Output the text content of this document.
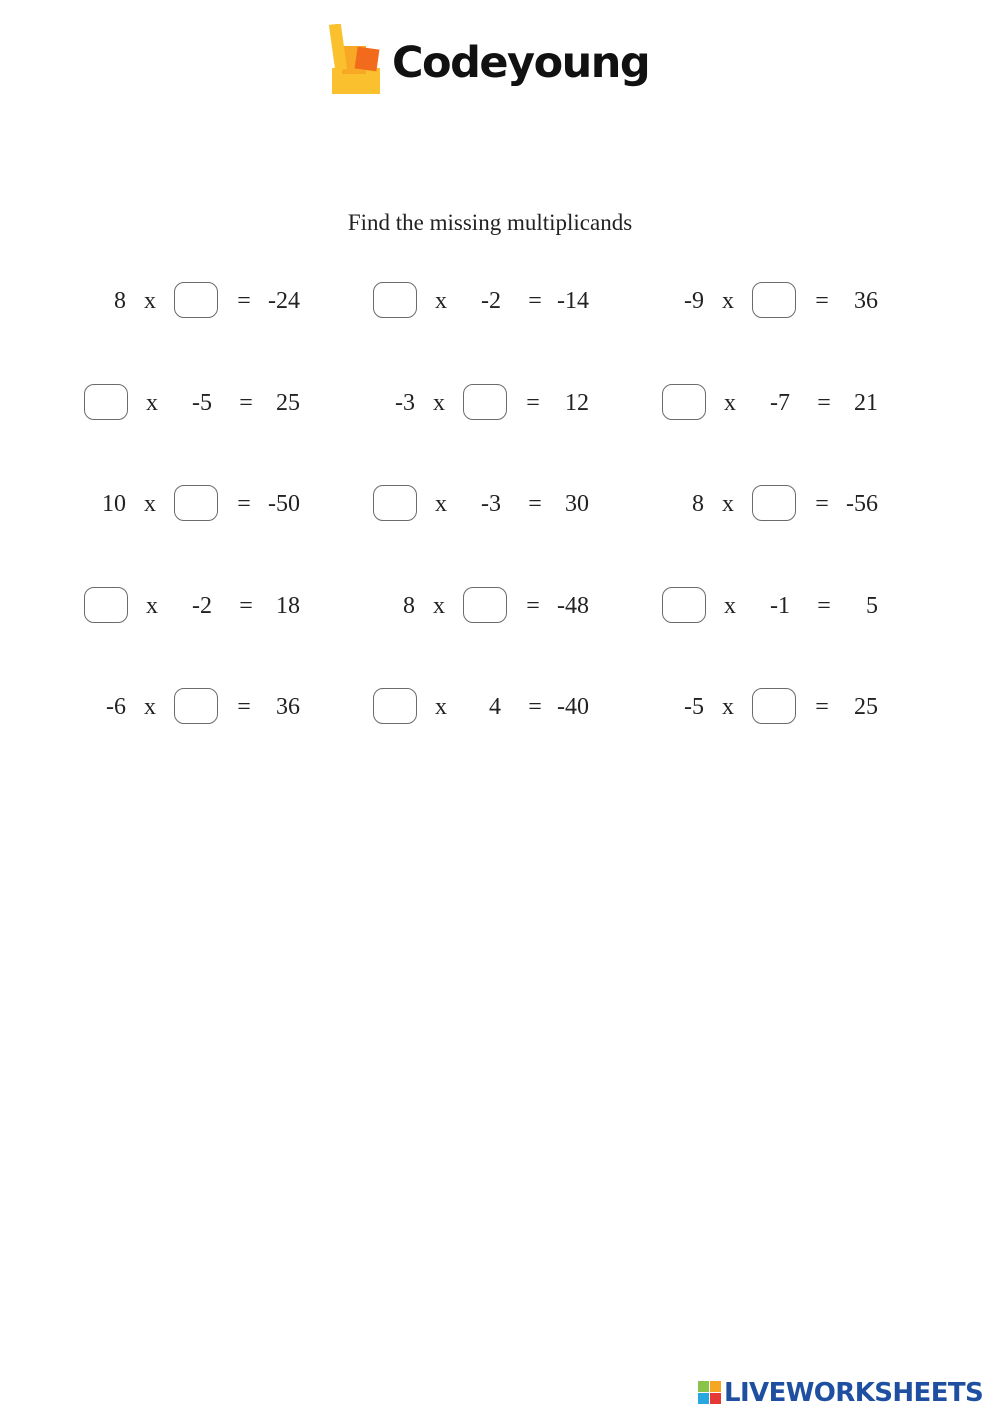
Codeyoung
Find the missing multiplicands
8 x	= -24	x	-2	= -14	-9 x	=	36
x	-5	= 25	-3 x	=	12	x	-7	= 21
10 x	= -50	x	-3	= 30	8 x	= -56
x	-2	= 18	8 x	= -48	x	-1	=	5
-6 x	=	36	x	4	= -40	-5 x	=	25
LIVEWORKSHEETS
